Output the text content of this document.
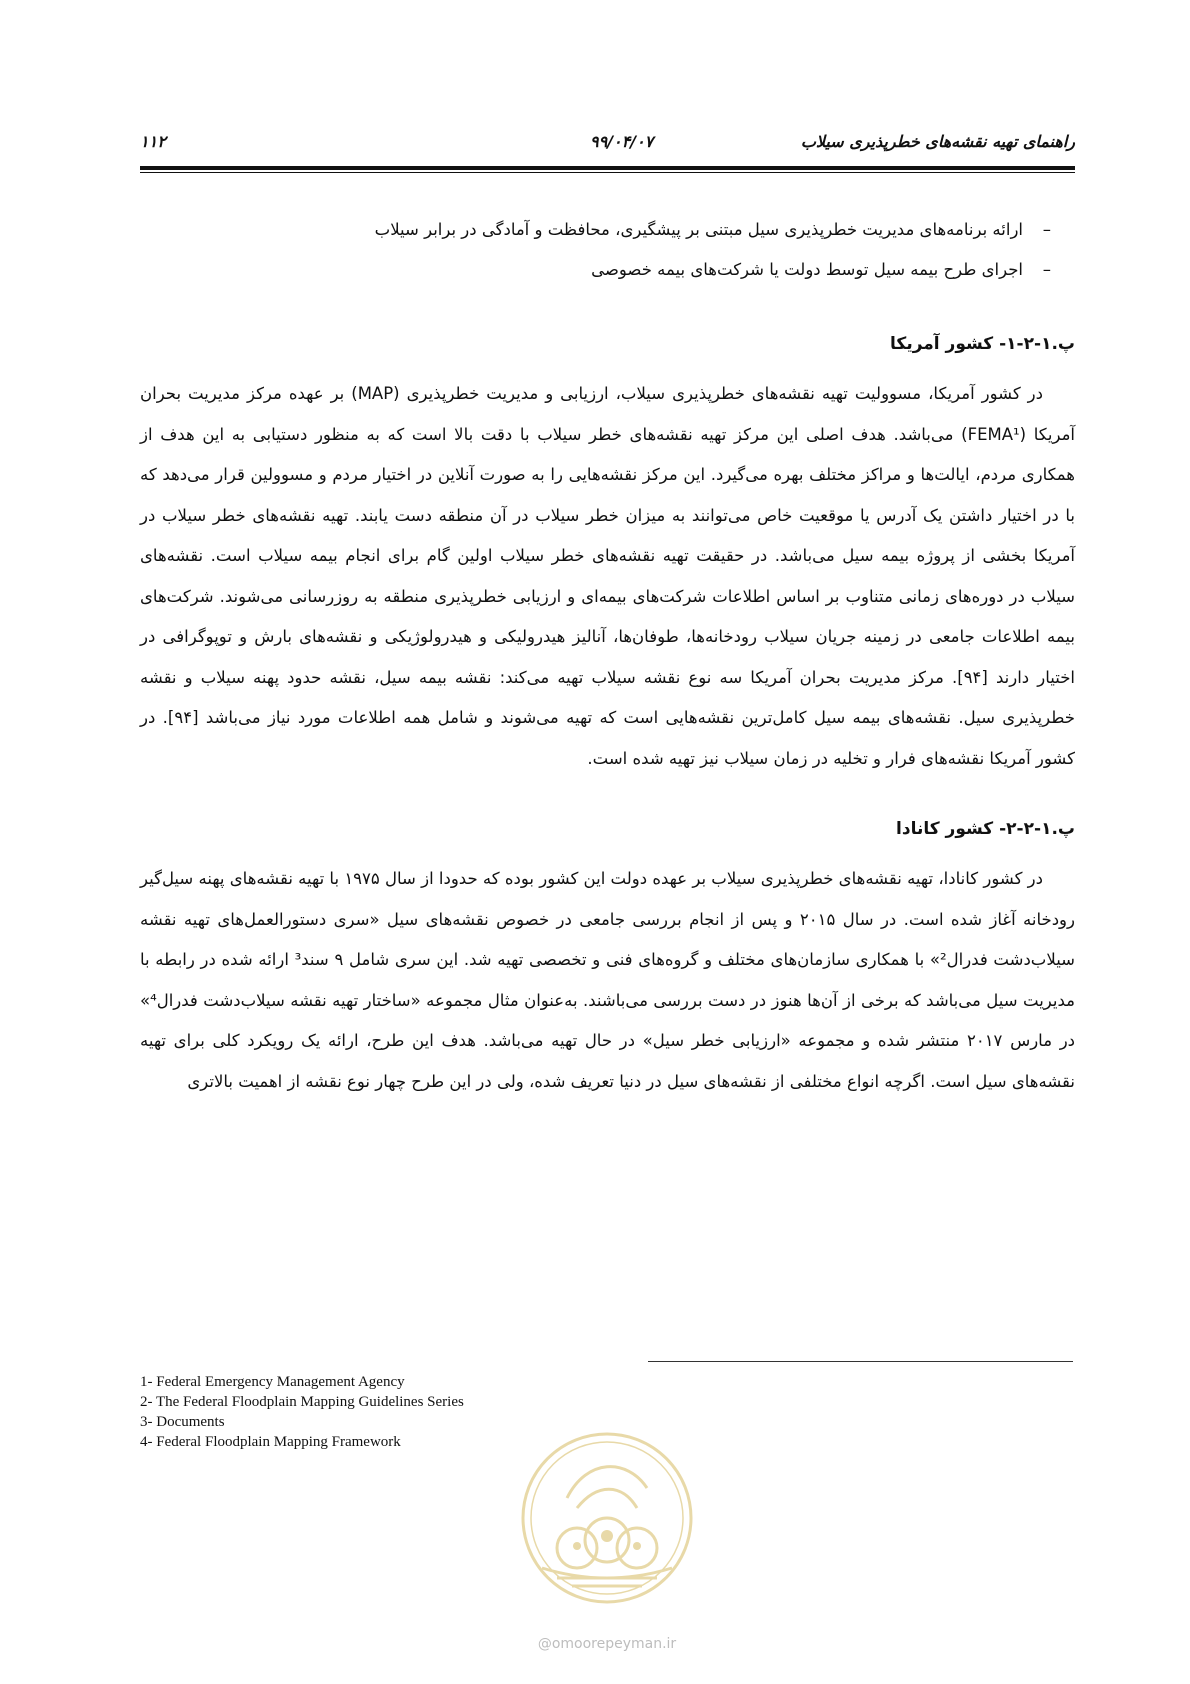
راهنمای تهیه نقشه‌های خطرپذیری سیلاب
۹۹/۰۴/۰۷
۱۱۲
–ارائه برنامه‌های مدیریت خطرپذیری سیل مبتنی بر پیشگیری، محافظت و آمادگی در برابر سیلاب
–اجرای طرح بیمه سیل توسط دولت یا شرکت‌های بیمه خصوصی
پ.۱-۲-۱- کشور آمریکا

در کشور آمریکا، مسوولیت تهیه نقشه‌های خطرپذیری سیلاب، ارزیابی و مدیریت خطرپذیری (MAP) بر عهده مرکز مدیریت بحران آمریکا (FEMA¹) می‌باشد. هدف اصلی این مرکز تهیه نقشه‌های خطر سیلاب با دقت بالا است که به منظور دستیابی به این هدف از همکاری مردم، ایالت‌ها و مراکز مختلف بهره می‌گیرد. این مرکز نقشه‌هایی را به صورت آنلاین در اختیار مردم و مسوولین قرار می‌دهد که با در اختیار داشتن یک آدرس یا موقعیت خاص می‌توانند به میزان خطر سیلاب در آن منطقه دست یابند. تهیه نقشه‌های خطر سیلاب در آمریکا بخشی از پروژه بیمه سیل می‌باشد. در حقیقت تهیه نقشه‌های خطر سیلاب اولین گام برای انجام بیمه سیلاب است. نقشه‌های سیلاب در دوره‌های زمانی متناوب بر اساس اطلاعات شرکت‌های بیمه‌ای و ارزیابی خطرپذیری منطقه به روزرسانی می‌شوند. شرکت‌های بیمه اطلاعات جامعی در زمینه جریان سیلاب رودخانه‌ها، طوفان‌ها، آنالیز هیدرولیکی و هیدرولوژیکی و نقشه‌های بارش و توپوگرافی در اختیار دارند [۹۴]. مرکز مدیریت بحران آمریکا سه نوع نقشه سیلاب تهیه می‌کند: نقشه بیمه سیل، نقشه حدود پهنه سیلاب و نقشه خطرپذیری سیل. نقشه‌های بیمه سیل کامل‌ترین نقشه‌هایی است که تهیه می‌شوند و شامل همه اطلاعات مورد نیاز می‌باشد [۹۴]. در کشور آمریکا نقشه‌های فرار و تخلیه در زمان سیلاب نیز تهیه شده است.

پ.۱-۲-۲- کشور کانادا

در کشور کانادا، تهیه نقشه‌های خطرپذیری سیلاب بر عهده دولت این کشور بوده که حدودا از سال ۱۹۷۵ با تهیه نقشه‌های پهنه سیل‌گیر رودخانه آغاز شده است. در سال ۲۰۱۵ و پس از انجام بررسی جامعی در خصوص نقشه‌های سیل «سری دستورالعمل‌های تهیه نقشه سیلاب‌دشت فدرال²» با همکاری سازمان‌های مختلف و گروه‌های فنی و تخصصی تهیه شد. این سری شامل ۹ سند³ ارائه شده در رابطه با مدیریت سیل می‌باشد که برخی از آن‌ها هنوز در دست بررسی می‌باشند. به‌عنوان مثال مجموعه «ساختار تهیه نقشه سیلاب‌دشت فدرال⁴» در مارس ۲۰۱۷ منتشر شده و مجموعه «ارزیابی خطر سیل» در حال تهیه می‌باشد. هدف این طرح، ارائه یک رویکرد کلی برای تهیه نقشه‌های سیل است. اگرچه انواع مختلفی از نقشه‌های سیل در دنیا تعریف شده، ولی در این طرح چهار نوع نقشه از اهمیت بالاتری

1- Federal Emergency Management Agency
2- The Federal Floodplain Mapping Guidelines Series
3- Documents
4- Federal Floodplain Mapping Framework
@omoorepeyman.ir
